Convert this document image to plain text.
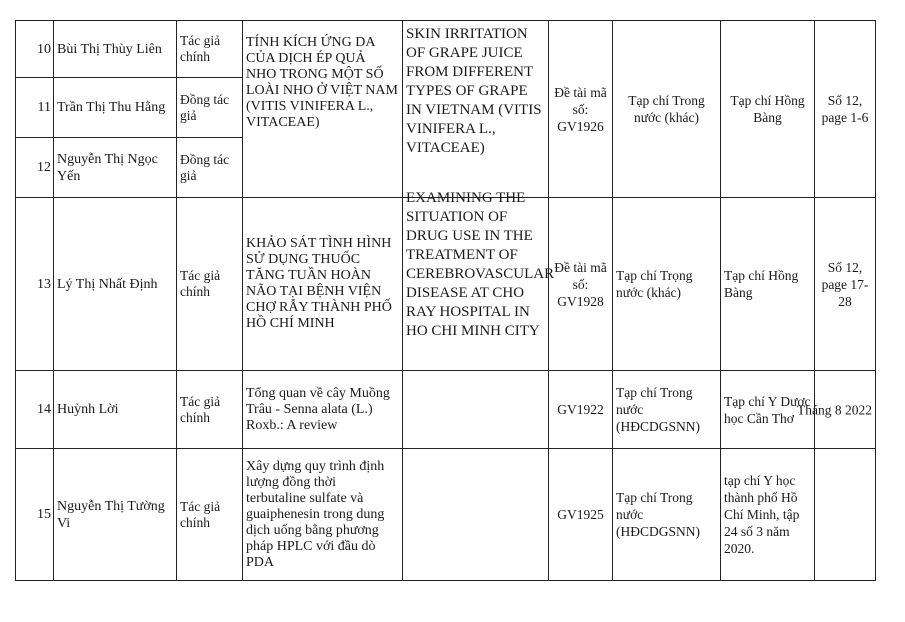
10	Bùi Thị Thùy Liên	Tác giả chính	TÍNH KÍCH ỨNG DA CỦA DỊCH ÉP QUẢ NHO TRONG MỘT SỐ LOÀI NHO Ở VIỆT NAM (VITIS VINIFERA L., VITACEAE)	SKIN IRRITATION OF GRAPE JUICE FROM DIFFERENT TYPES OF GRAPE IN VIETNAM (VITIS VINIFERA L., VITACEAE)	Đề tài mã số: GV1926	Tạp chí Trong nước (khác)	Tạp chí Hồng Bàng	Số 12, page 1-6
11	Trần Thị Thu Hằng	Đồng tác giả						
12	Nguyễn Thị Ngọc Yến	Đồng tác giả						
13	Lý Thị Nhất Định	Tác giả chính	KHẢO SÁT TÌNH HÌNH SỬ DỤNG THUỐC TĂNG TUẦN HOÀN NÃO TẠI BỆNH VIỆN CHỢ RẪY THÀNH PHỐ HỒ CHÍ MINH	EXAMINING THE SITUATION OF DRUG USE IN THE TREATMENT OF CEREBROVASCULAR DISEASE AT CHO RAY HOSPITAL IN HO CHI MINH CITY	Đề tài mã số: GV1928	Tạp chí Trọng nước (khác)	Tạp chí Hồng Bàng	Số 12, page 17-28
14	Huỳnh Lời	Tác giả chính	Tổng quan về cây Muồng Trâu - Senna alata (L.) Roxb.: A review		GV1922	Tạp chí Trong nước (HĐCDGSNN)	Tạp chí Y Dược học Cần Thơ	Tháng 8 2022

15	Nguyễn Thị Tường Vi	Tác giả chính	Xây dựng quy trình định lượng đồng thời terbutaline sulfate và guaiphenesin trong dung dịch uống bằng phương pháp HPLC với đầu dò PDA		GV1925	Tạp chí Trong nước (HĐCDGSNN)	tạp chí Y học thành phố Hồ Chí Minh, tập 24 số 3 năm 2020.	
